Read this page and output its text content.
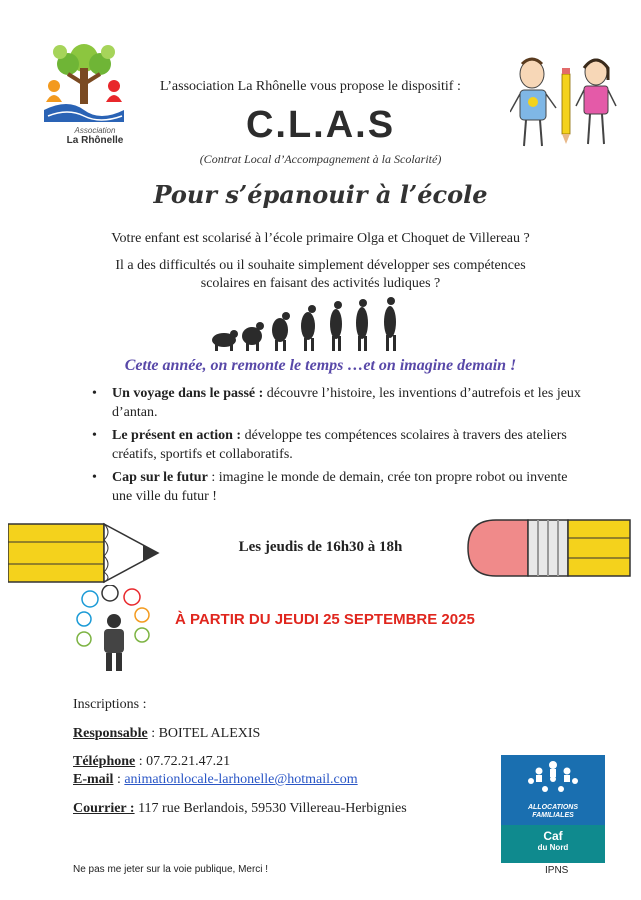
Association
La Rhônelle
L’association La Rhônelle vous propose le dispositif :
C.L.A.S
(Contrat Local d’Accompagnement à la Scolarité)
Pour s’épanouir à l’école
Votre enfant est scolarisé à l’école primaire Olga et Choquet de Villereau ?
Il a des difficultés ou il souhaite simplement développer ses compétences
scolaires en faisant des activités ludiques ?
Cette année, on remonte le temps …et on imagine demain !
• Un voyage dans le passé : découvre l’histoire, les inventions d’autrefois et les jeux d’antan.
• Le présent en action : développe tes compétences scolaires à travers des ateliers créatifs, sportifs et collaboratifs.
• Cap sur le futur : imagine le monde de demain, crée ton propre robot ou invente une ville du futur !
Les jeudis de 16h30 à 18h
À PARTIR DU JEUDI 25 SEPTEMBRE 2025
Inscriptions :
Responsable : BOITEL ALEXIS
Téléphone : 07.72.21.47.21
E-mail : animationlocale-larhonelle@hotmail.com
Courrier : 117 rue Berlandois, 59530 Villereau-Herbignies	ALLOCATIONS
FAMILIALES
Caf
du Nord
Ne pas me jeter sur la voie publique, Merci !	IPNS
